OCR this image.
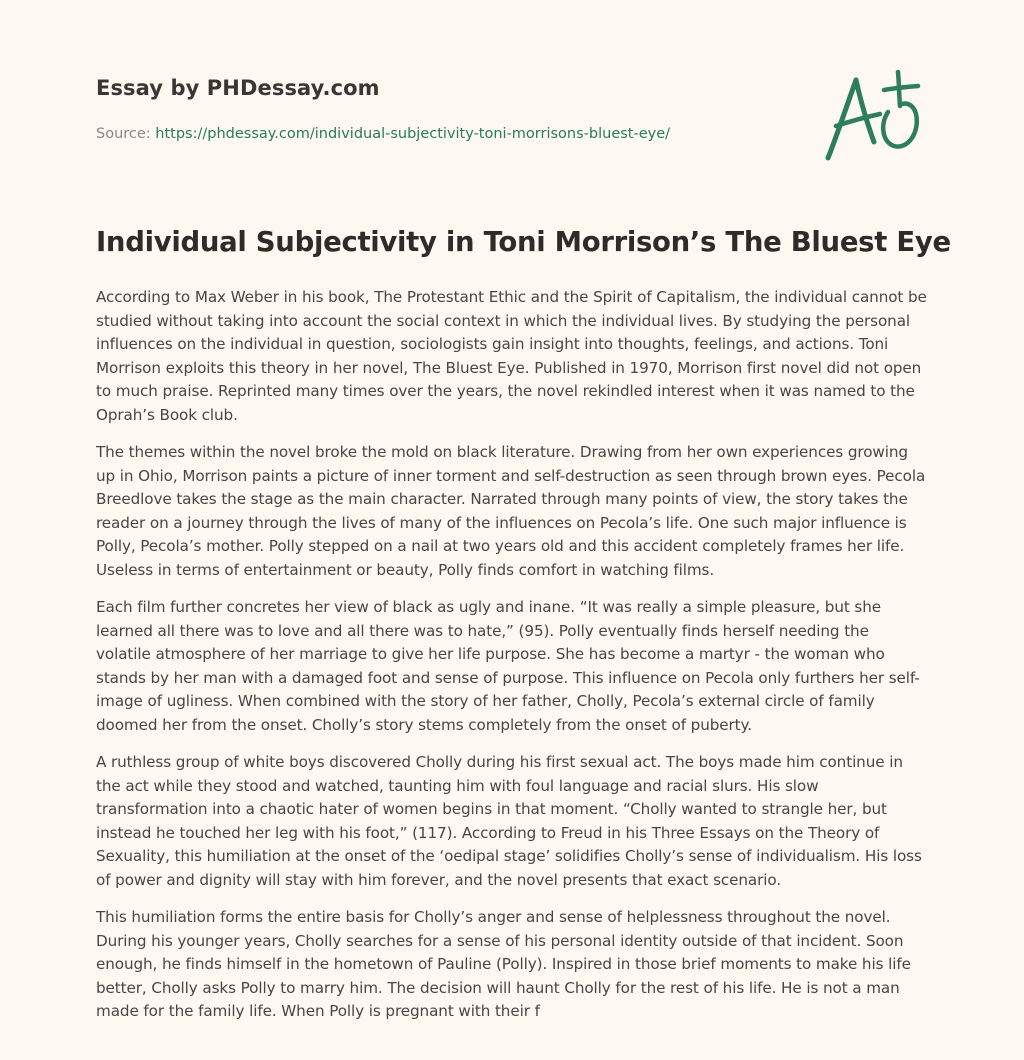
Essay by PHDessay.com
Source: https://phdessay.com/individual-subjectivity-toni-morrisons-bluest-eye/
Individual Subjectivity in Toni Morrison’s The Bluest Eye

According to Max Weber in his book, The Protestant Ethic and the Spirit of Capitalism, the individual cannot be studied without taking into account the social context in which the individual lives. By studying the personal influences on the individual in question, sociologists gain insight into thoughts, feelings, and actions. Toni Morrison exploits this theory in her novel, The Bluest Eye. Published in 1970, Morrison first novel did not open to much praise. Reprinted many times over the years, the novel rekindled interest when it was named to the Oprah’s Book club.

The themes within the novel broke the mold on black literature. Drawing from her own experiences growing up in Ohio, Morrison paints a picture of inner torment and self-destruction as seen through brown eyes. Pecola Breedlove takes the stage as the main character. Narrated through many points of view, the story takes the reader on a journey through the lives of many of the influences on Pecola’s life. One such major influence is Polly, Pecola’s mother. Polly stepped on a nail at two years old and this accident completely frames her life. Useless in terms of entertainment or beauty, Polly finds comfort in watching films.

Each film further concretes her view of black as ugly and inane. “It was really a simple pleasure, but she learned all there was to love and all there was to hate,” (95). Polly eventually finds herself needing the volatile atmosphere of her marriage to give her life purpose. She has become a martyr - the woman who stands by her man with a damaged foot and sense of purpose. This influence on Pecola only furthers her self-image of ugliness. When combined with the story of her father, Cholly, Pecola’s external circle of family doomed her from the onset. Cholly’s story stems completely from the onset of puberty.

A ruthless group of white boys discovered Cholly during his first sexual act. The boys made him continue in the act while they stood and watched, taunting him with foul language and racial slurs. His slow transformation into a chaotic hater of women begins in that moment. “Cholly wanted to strangle her, but instead he touched her leg with his foot,” (117). According to Freud in his Three Essays on the Theory of Sexuality, this humiliation at the onset of the ‘oedipal stage’ solidifies Cholly’s sense of individualism. His loss of power and dignity will stay with him forever, and the novel presents that exact scenario.

This humiliation forms the entire basis for Cholly’s anger and sense of helplessness throughout the novel. During his younger years, Cholly searches for a sense of his personal identity outside of that incident. Soon enough, he finds himself in the hometown of Pauline (Polly). Inspired in those brief moments to make his life better, Cholly asks Polly to marry him. The decision will haunt Cholly for the rest of his life. He is not a man made for the family life. When Polly is pregnant with their f
